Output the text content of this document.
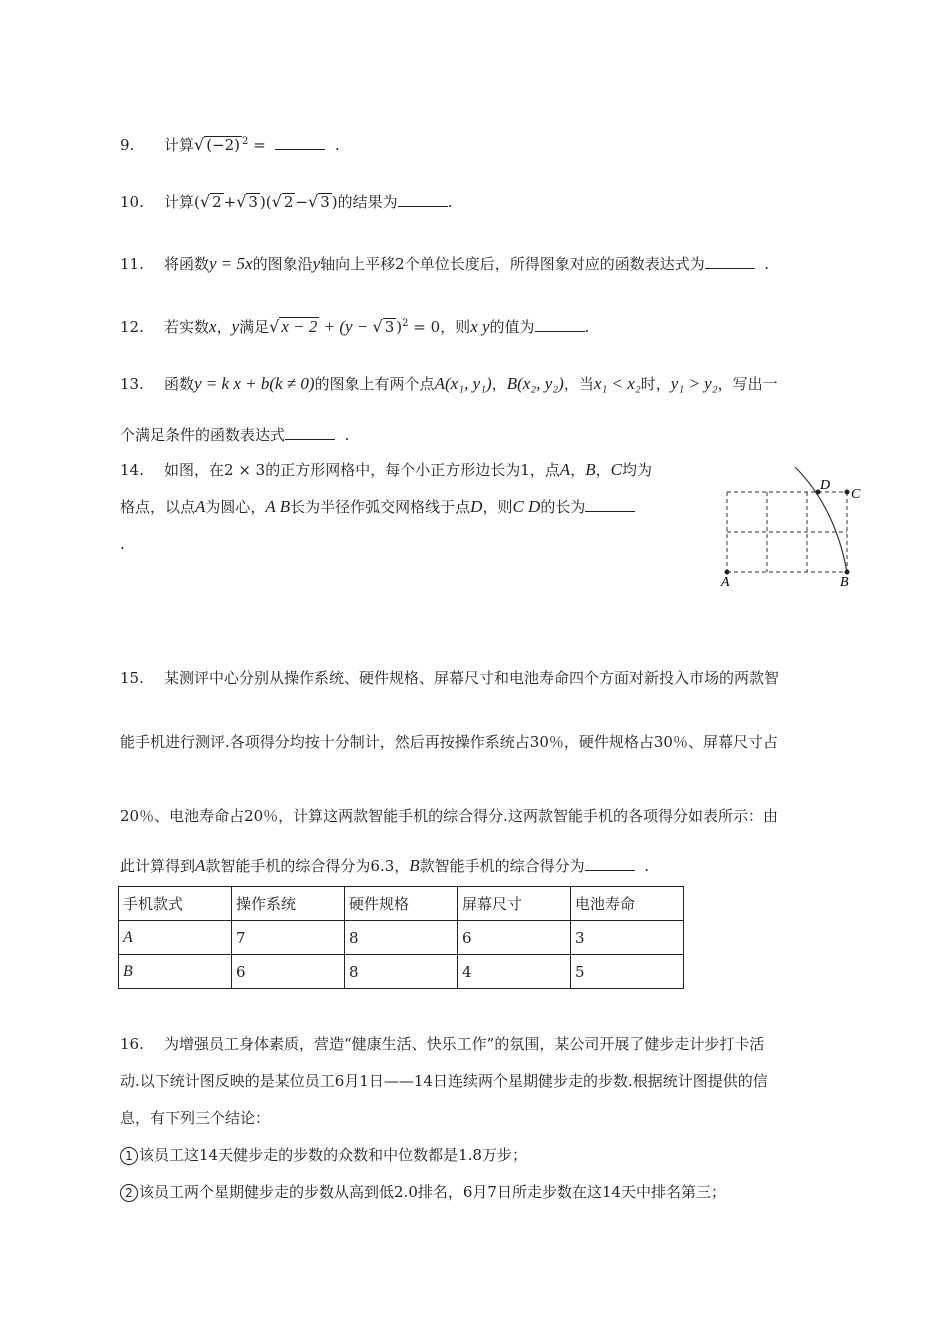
9. 计算√ (−2) $^2$ =	.
10. 计算(√ 2 +√ 3 )(√ 2 −√ 3 )的结果为	.
11. 将函数y = 5x的图象沿y轴向上平移2个单位长度后，所得图象对应的函数表达式为	.
12. 若实数x，y满足√ x − 2 + (y − √ 3 )$^2$ = 0，则x y的值为	.
13. 函数y = k x + b(k ≠ 0)的图象上有两个点A(x₁, y₁)，B(x₂, y₂)，当x₁ < x₂时，y₁ > y₂，写出一
个满足条件的函数表达式	.
14. 如图，在2 × 3的正方形网格中，每个小正方形边长为1，点A，B，C均为
格点，以点A为圆心，A B长为半径作弧交网格线于点D，则C D的长为
.
A	B
C
D
15. 某测评中心分别从操作系统、硬件规格、屏幕尺寸和电池寿命四个方面对新投入市场的两款智
能手机进行测评.各项得分均按十分制计，然后再按操作系统占30％，硬件规格占30％、屏幕尺寸占
20％、电池寿命占20％，计算这两款智能手机的综合得分.这两款智能手机的各项得分如表所示：由
此计算得到A款智能手机的综合得分为6.3，B款智能手机的综合得分为	.
手机款式	操作系统	硬件规格	屏幕尺寸	电池寿命
A	7	8	6	3
B	6	8	4	5
16. 为增强员工身体素质，营造“健康生活、快乐工作”的氛围，某公司开展了健步走计步打卡活
动.以下统计图反映的是某位员工6月1日——14日连续两个星期健步走的步数.根据统计图提供的信
息，有下列三个结论：
1 该员工这14天健步走的步数的众数和中位数都是1.8万步；
2 该员工两个星期健步走的步数从高到低2.0排名，6月7日所走步数在这14天中排名第三；
